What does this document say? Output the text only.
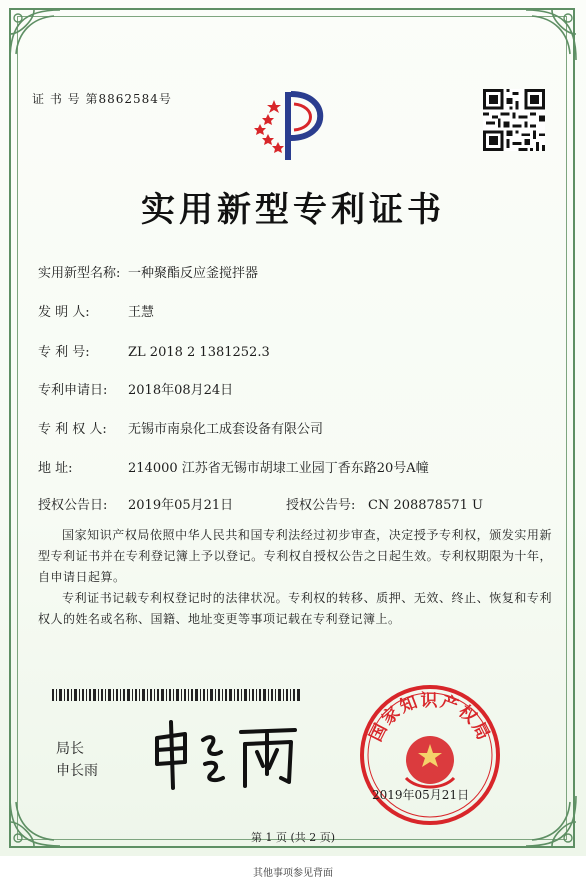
证 书 号 第8862584号
实用新型专利证书
实用新型名称: 一种聚酯反应釜搅拌器
发 明 人:	王慧
专 利 号:	ZL 2018 2 1381252.3
专利申请日: 2018年08月24日
专 利 权 人: 无锡市南泉化工成套设备有限公司
地 址:	214000 江苏省无锡市胡埭工业园丁香东路20号A幢
授权公告日: 2019年05月21日	授权公告号: CN 208878571 U
国家知识产权局依照中华人民共和国专利法经过初步审查，决定授予专利权，颁发实用新型专利证书并在专利登记簿上予以登记。专利权自授权公告之日起生效。专利权期限为十年，自申请日起算。
专利证书记载专利权登记时的法律状况。专利权的转移、质押、无效、终止、恢复和专利权人的姓名或名称、国籍、地址变更等事项记载在专利登记簿上。
局长
申长雨
国家知识产权局
2019年05月21日
第 1 页 (共 2 页)
其他事项参见背面
